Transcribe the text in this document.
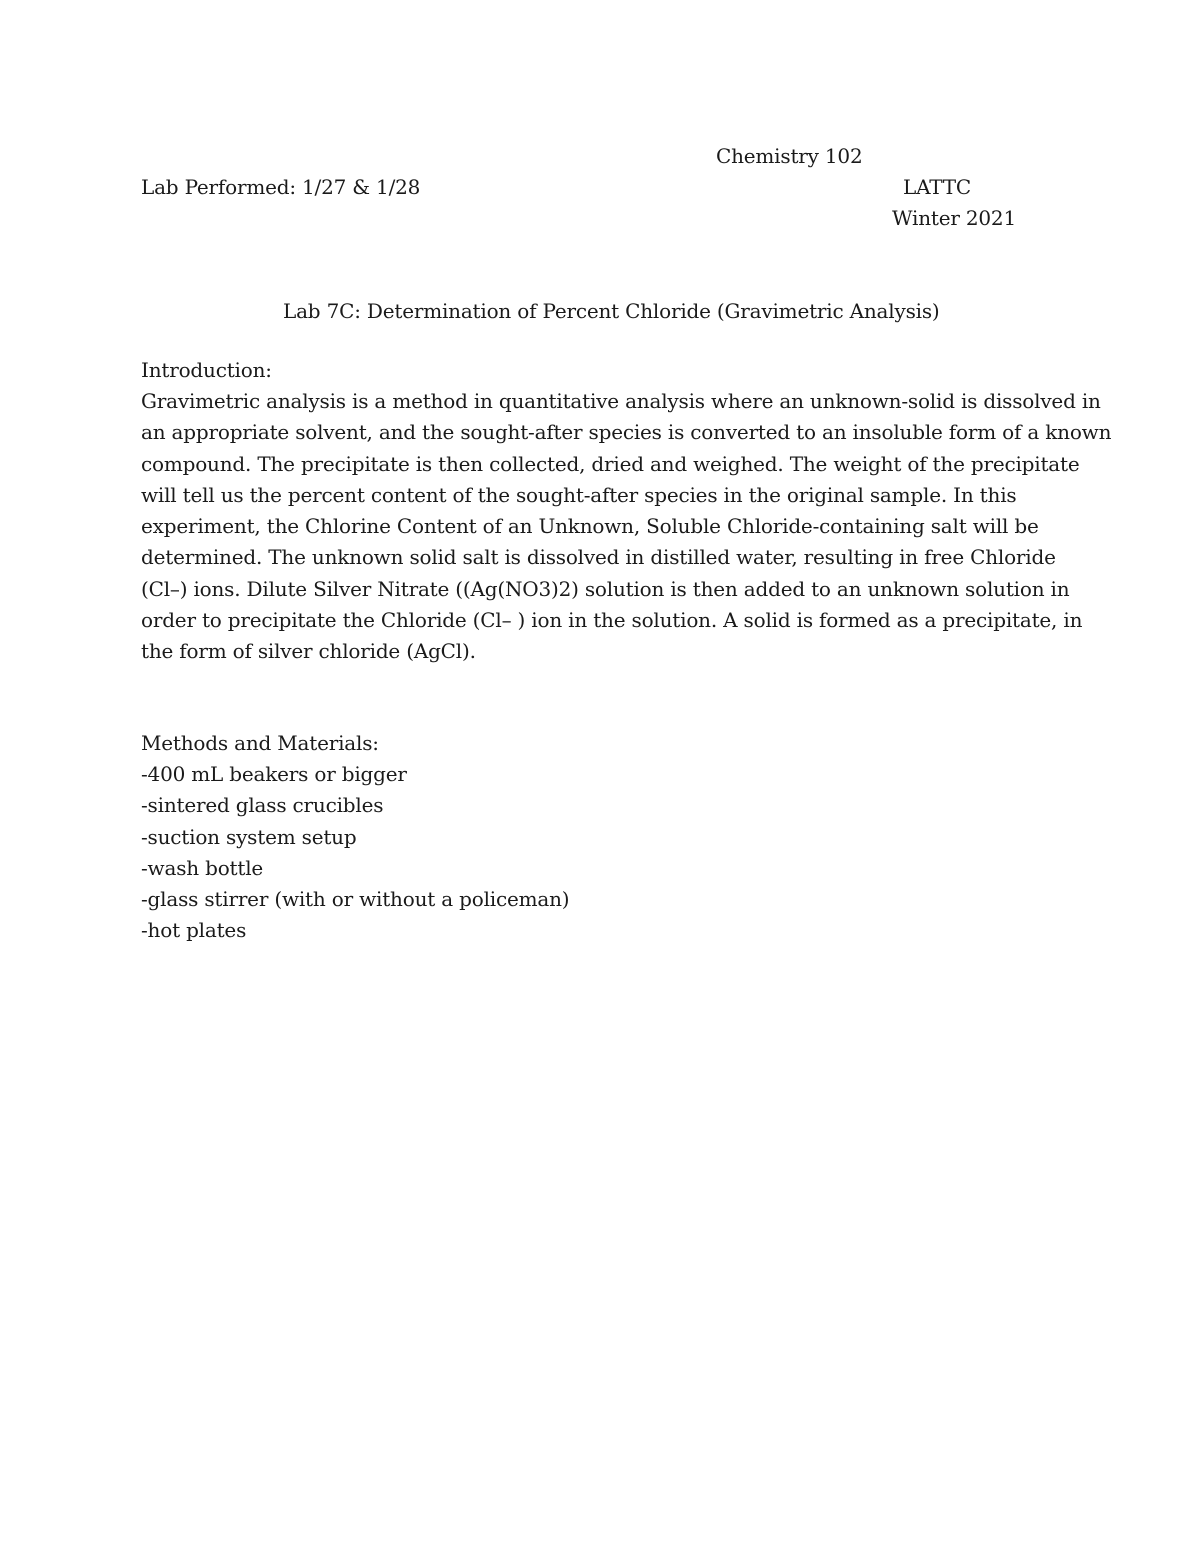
Chemistry 102
Lab Performed: 1/27 & 1/28	LATTC
Winter 2021
Lab 7C: Determination of Percent Chloride (Gravimetric Analysis)
Introduction:
Gravimetric analysis is a method in quantitative analysis where an unknown-solid is dissolved in
an appropriate solvent, and the sought-after species is converted to an insoluble form of a known
compound. The precipitate is then collected, dried and weighed. The weight of the precipitate
will tell us the percent content of the sought-after species in the original sample. In this
experiment, the Chlorine Content of an Unknown, Soluble Chloride-containing salt will be
determined. The unknown solid salt is dissolved in distilled water, resulting in free Chloride
(Cl–) ions. Dilute Silver Nitrate ((Ag(NO3)2) solution is then added to an unknown solution in
order to precipitate the Chloride (Cl– ) ion in the solution. A solid is formed as a precipitate, in
the form of silver chloride (AgCl).
Methods and Materials:
-400 mL beakers or bigger
-sintered glass crucibles
-suction system setup
-wash bottle
-glass stirrer (with or without a policeman)
-hot plates
